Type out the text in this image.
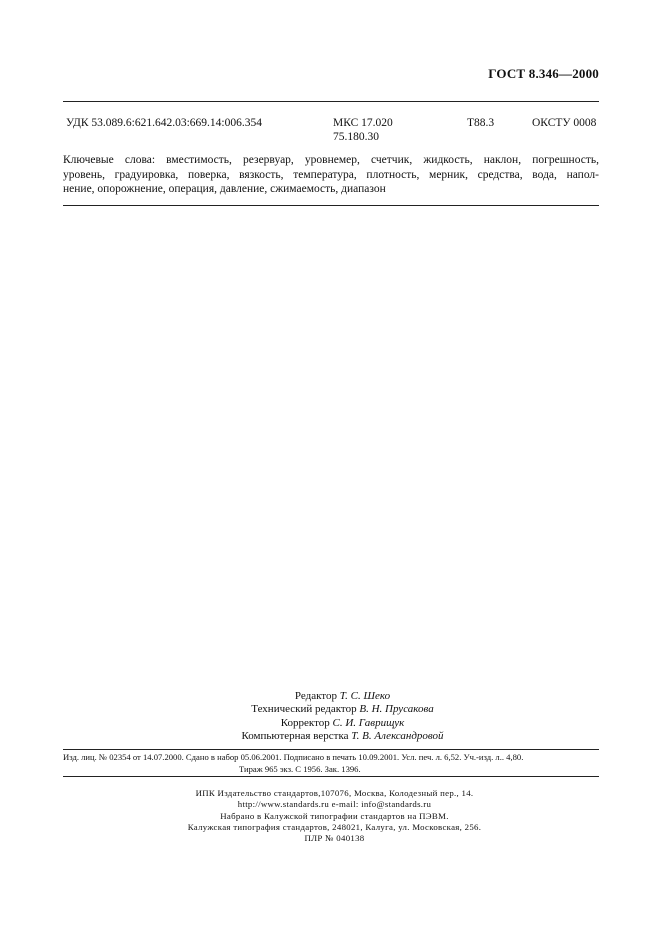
ГОСТ 8.346—2000
УДК 53.089.6:621.642.03:669.14:006.354	МКС 17.020
75.180.30
Т88.3	ОКСТУ 0008
Ключевые слова: вместимость, резервуар, уровнемер, счетчик, жидкость, наклон, погрешность,
уровень, градуировка, поверка, вязкость, температура, плотность, мерник, средства, вода, напол-
нение, опорожнение, операция, давление, сжимаемость, диапазон
Редактор Т. С. Шеко
Технический редактор В. Н. Прусакова
Корректор С. И. Гаврищук
Компьютерная верстка Т. В. Александровой
Изд. лиц. № 02354 от 14.07.2000. Сдано в набор 05.06.2001. Подписано в печать 10.09.2001. Усл. печ. л. 6,52. Уч.-изд. л.. 4,80.
Тираж 965 экз. С 1956. Зак. 1396.
ИПК Издательство стандартов,107076, Москва, Колодезный пер., 14.
http://www.standards.ru e-mail: info@standards.ru
Набрано в Калужской типографии стандартов на ПЭВМ.
Калужская типография стандартов, 248021, Калуга, ул. Московская, 256.
ПЛР № 040138
